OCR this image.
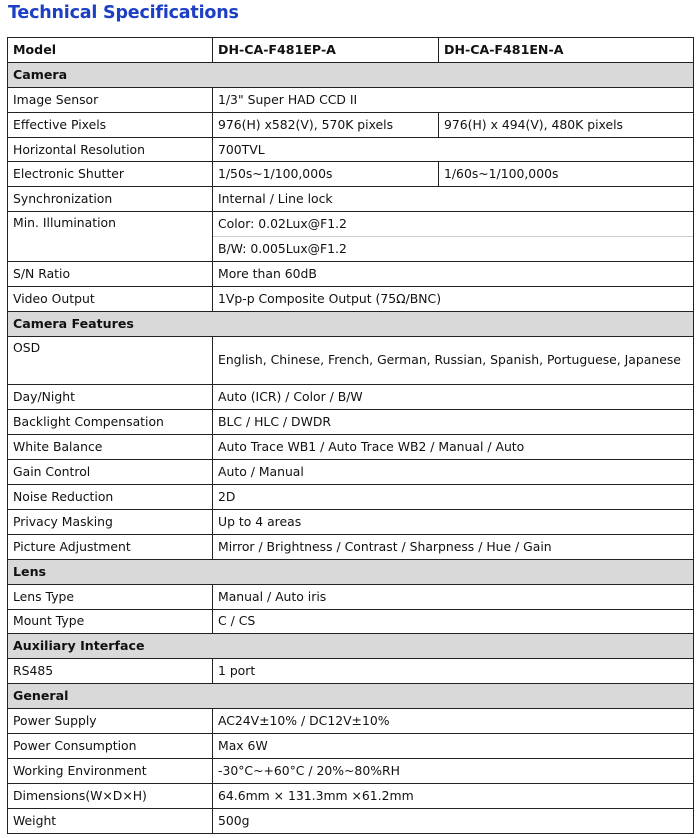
Technical Specifications
Model	DH-CA-F481EP-A	DH-CA-F481EN-A
Camera		
Image Sensor	1/3" Super HAD CCD II	
Effective Pixels	976(H) x582(V), 570K pixels	976(H) x 494(V), 480K pixels
Horizontal Resolution	700TVL	
Electronic Shutter	1/50s~1/100,000s	1/60s~1/100,000s
Synchronization	Internal / Line lock	
Min. Illumination	Color: 0.02Lux@F1.2	
	B/W: 0.005Lux@F1.2	
S/N Ratio	More than 60dB	
Video Output	1Vp-p Composite Output (75Ω/BNC)	
Camera Features		
OSD	English, Chinese, French, German, Russian, Spanish, Portuguese, Japanese	
Day/Night	Auto (ICR) / Color / B/W	
Backlight Compensation	BLC / HLC / DWDR	
White Balance	Auto Trace WB1 / Auto Trace WB2 / Manual / Auto	
Gain Control	Auto / Manual	
Noise Reduction	2D	
Privacy Masking	Up to 4 areas	
Picture Adjustment	Mirror / Brightness / Contrast / Sharpness / Hue / Gain	
Lens		
Lens Type	Manual / Auto iris	
Mount Type	C / CS	
Auxiliary Interface		
RS485	1 port	
General		
Power Supply	AC24V±10% / DC12V±10%	
Power Consumption	Max 6W	
Working Environment	-30°C~+60°C / 20%~80%RH	
Dimensions(W×D×H)	64.6mm × 131.3mm ×61.2mm	
Weight	500g	
